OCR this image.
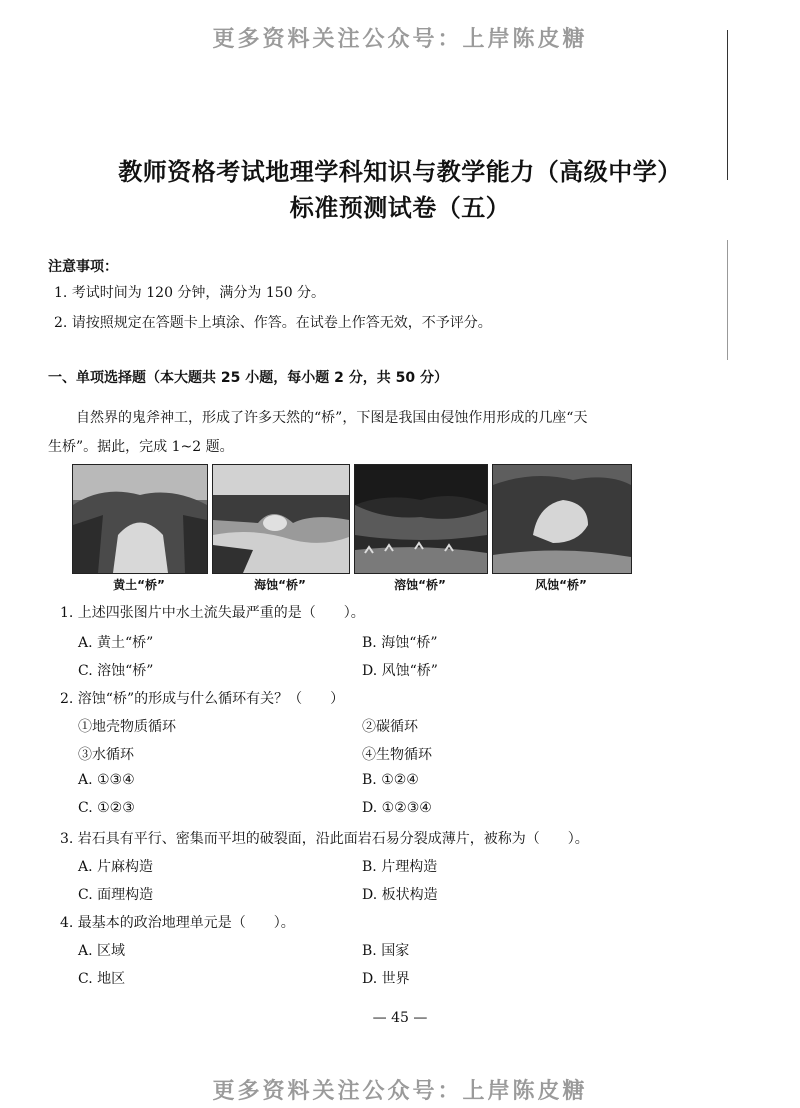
更多资料关注公众号：上岸陈皮糖
教师资格考试地理学科知识与教学能力（高级中学）
标准预测试卷（五）
注意事项：
1. 考试时间为 120 分钟，满分为 150 分。
2. 请按照规定在答题卡上填涂、作答。在试卷上作答无效，不予评分。
一、单项选择题（本大题共 25 小题，每小题 2 分，共 50 分）
自然界的鬼斧神工，形成了许多天然的“桥”，下图是我国由侵蚀作用形成的几座“天
生桥”。据此，完成 1~2 题。
黄土“桥”	海蚀“桥”	溶蚀“桥”	风蚀“桥”
1. 上述四张图片中水土流失最严重的是（　　）。
A. 黄土“桥”	B. 海蚀“桥”
C. 溶蚀“桥”	D. 风蚀“桥”
2. 溶蚀“桥”的形成与什么循环有关？（　　）
①地壳物质循环	②碳循环
③水循环	④生物循环
A. ①③④	B. ①②④
C. ①②③	D. ①②③④
3. 岩石具有平行、密集而平坦的破裂面，沿此面岩石易分裂成薄片，被称为（　　）。
A. 片麻构造	B. 片理构造
C. 面理构造	D. 板状构造
4. 最基本的政治地理单元是（　　）。
A. 区域	B. 国家
C. 地区	D. 世界
— 45 —
更多资料关注公众号：上岸陈皮糖
